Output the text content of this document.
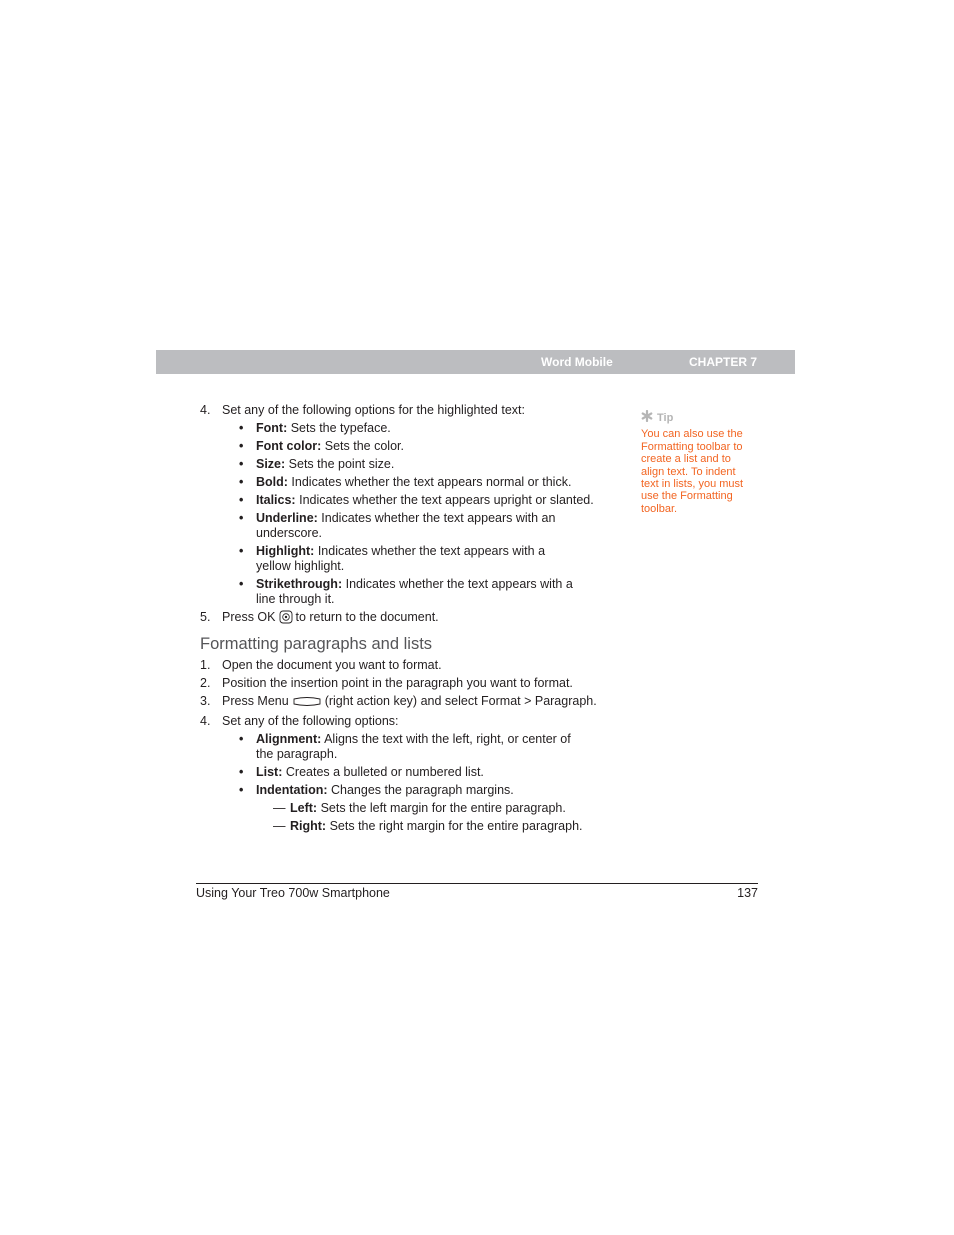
Word Mobile	CHAPTER 7
4. Set any of the following options for the highlighted text:
• Font: Sets the typeface.
• Font color: Sets the color.
• Size: Sets the point size.
• Bold: Indicates whether the text appears normal or thick.
• Italics: Indicates whether the text appears upright or slanted.
• Underline: Indicates whether the text appears with an
underscore.
• Highlight: Indicates whether the text appears with a
yellow highlight.
• Strikethrough: Indicates whether the text appears with a
line through it.
5. Press OK to return to the document.
Formatting paragraphs and lists
1. Open the document you want to format.
2. Position the insertion point in the paragraph you want to format.
3. Press Menu	(right action key) and select Format > Paragraph.
4. Set any of the following options:
• Alignment: Aligns the text with the left, right, or center of
the paragraph.
• List: Creates a bulleted or numbered list.
• Indentation: Changes the paragraph margins.
— Left: Sets the left margin for the entire paragraph.
— Right: Sets the right margin for the entire paragraph.
Tip
You can also use the
Formatting toolbar to
create a list and to
align text. To indent
text in lists, you must
use the Formatting
toolbar.
Using Your Treo 700w Smartphone	137
